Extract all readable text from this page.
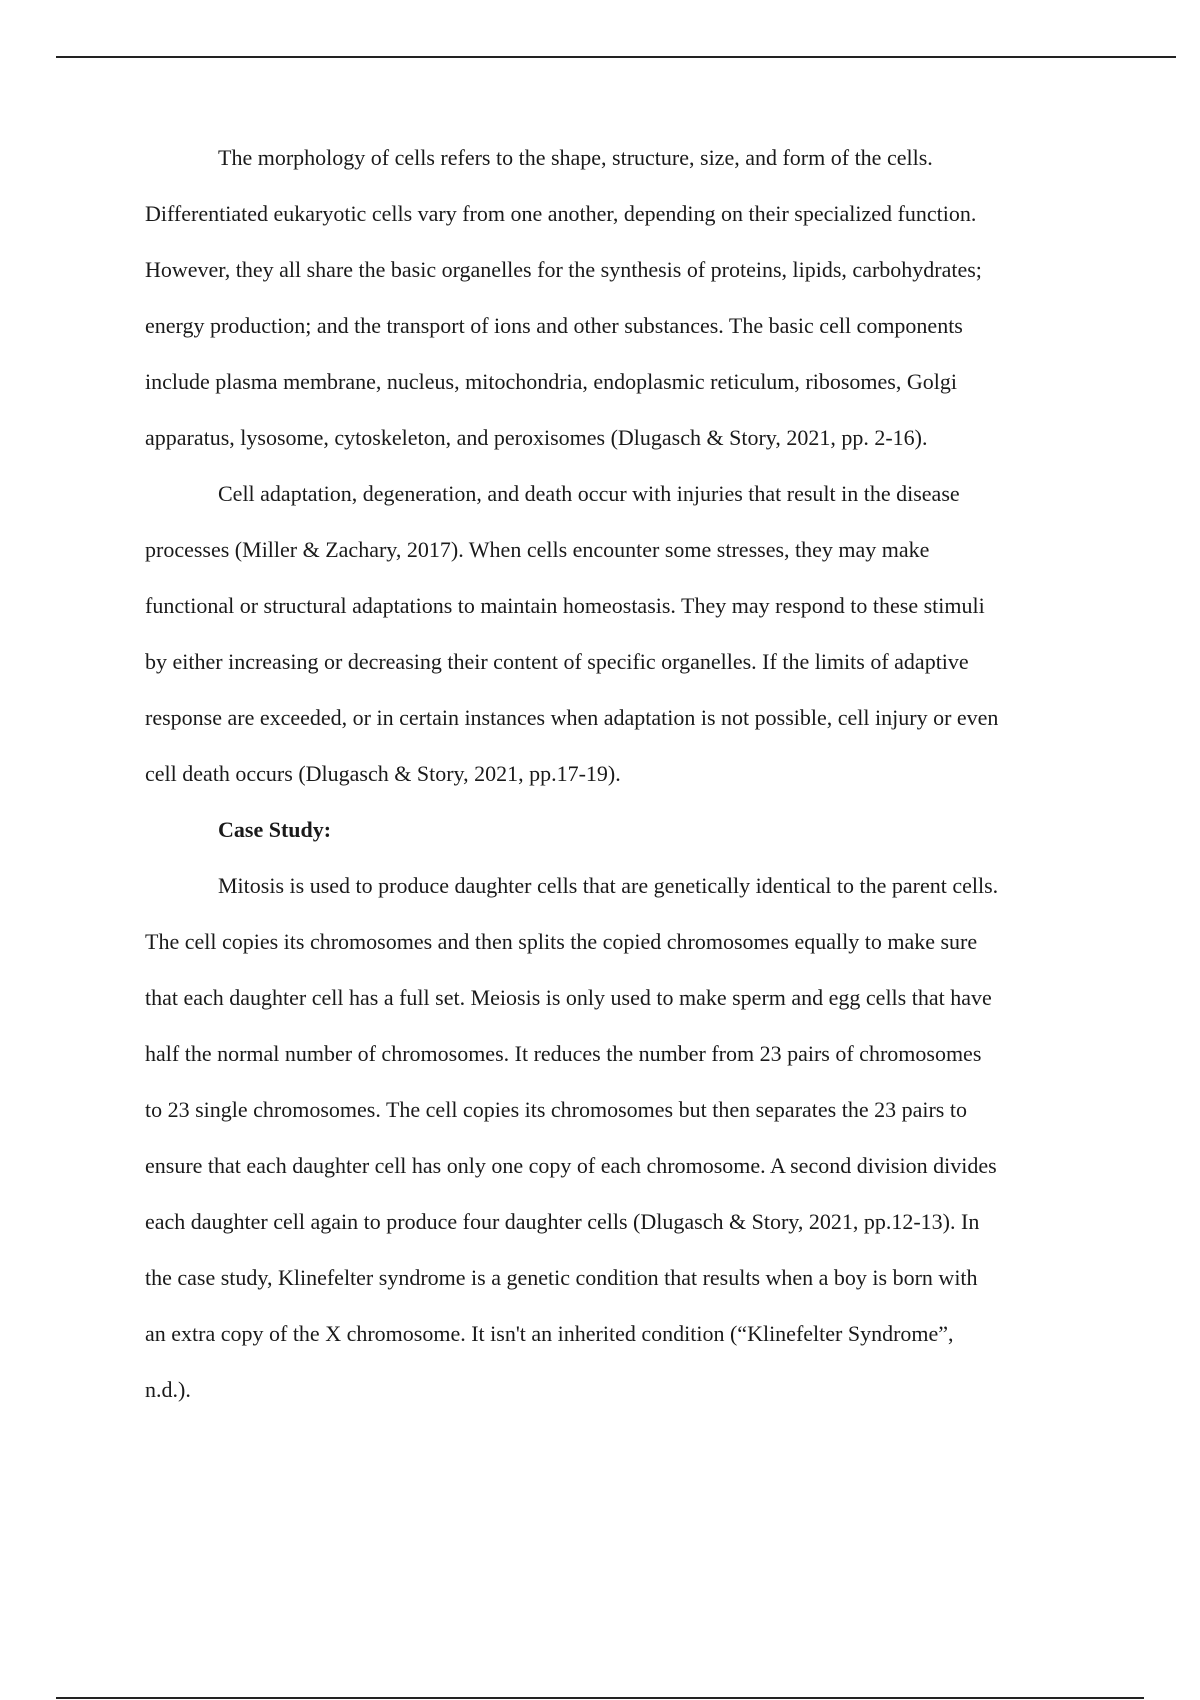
The morphology of cells refers to the shape, structure, size, and form of the cells.
Differentiated eukaryotic cells vary from one another, depending on their specialized function.
However, they all share the basic organelles for the synthesis of proteins, lipids, carbohydrates;
energy production; and the transport of ions and other substances. The basic cell components
include plasma membrane, nucleus, mitochondria, endoplasmic reticulum, ribosomes, Golgi
apparatus, lysosome, cytoskeleton, and peroxisomes (Dlugasch & Story, 2021, pp. 2-16).
Cell adaptation, degeneration, and death occur with injuries that result in the disease
processes (Miller & Zachary, 2017). When cells encounter some stresses, they may make
functional or structural adaptations to maintain homeostasis. They may respond to these stimuli
by either increasing or decreasing their content of specific organelles. If the limits of adaptive
response are exceeded, or in certain instances when adaptation is not possible, cell injury or even
cell death occurs (Dlugasch & Story, 2021, pp.17-19).
Case Study:
Mitosis is used to produce daughter cells that are genetically identical to the parent cells.
The cell copies its chromosomes and then splits the copied chromosomes equally to make sure
that each daughter cell has a full set. Meiosis is only used to make sperm and egg cells that have
half the normal number of chromosomes. It reduces the number from 23 pairs of chromosomes
to 23 single chromosomes. The cell copies its chromosomes but then separates the 23 pairs to
ensure that each daughter cell has only one copy of each chromosome. A second division divides
each daughter cell again to produce four daughter cells (Dlugasch & Story, 2021, pp.12-13). In
the case study, Klinefelter syndrome is a genetic condition that results when a boy is born with
an extra copy of the X chromosome. It isn't an inherited condition (“Klinefelter Syndrome”,
n.d.).
